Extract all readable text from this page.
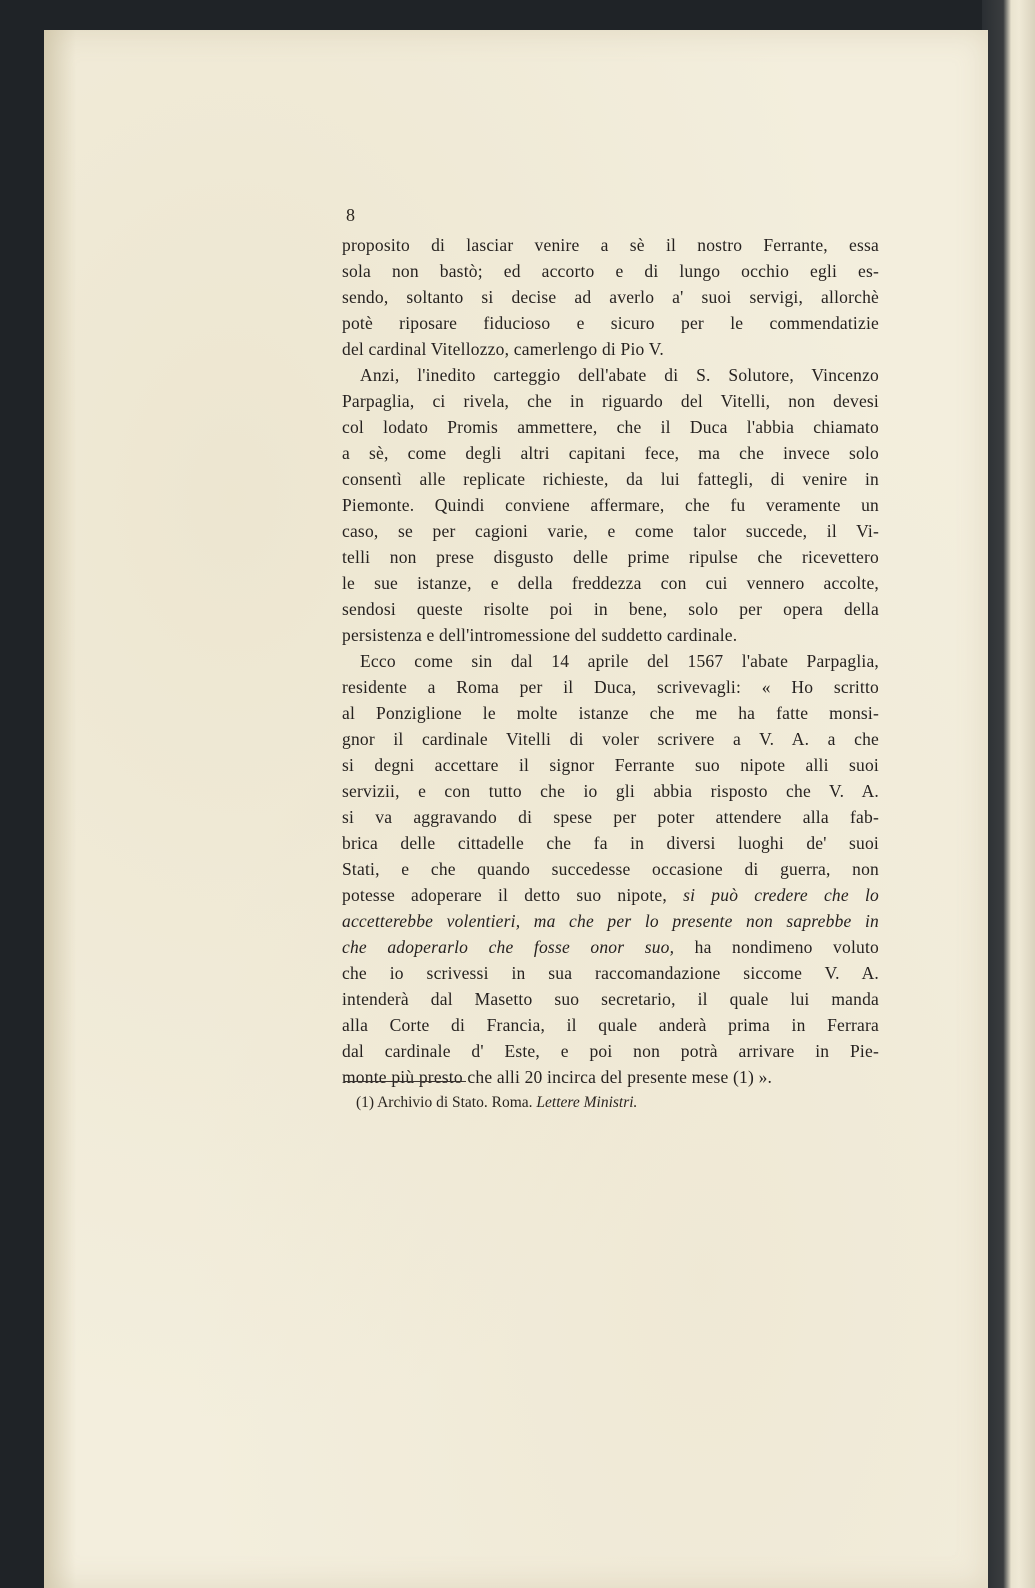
8

proposito di lasciar venire a sè il nostro Ferrante, essa
sola non bastò; ed accorto e di lungo occhio egli es-
sendo, soltanto si decise ad averlo a' suoi servigi, allorchè
potè riposare fiducioso e sicuro per le commendatizie
del cardinal Vitellozzo, camerlengo di Pio V.

Anzi, l'inedito carteggio dell'abate di S. Solutore, Vincenzo
Parpaglia, ci rivela, che in riguardo del Vitelli, non devesi
col lodato Promis ammettere, che il Duca l'abbia chiamato
a sè, come degli altri capitani fece, ma che invece solo
consentì alle replicate richieste, da lui fattegli, di venire in
Piemonte. Quindi conviene affermare, che fu veramente un
caso, se per cagioni varie, e come talor succede, il Vi-
telli non prese disgusto delle prime ripulse che ricevettero
le sue istanze, e della freddezza con cui vennero accolte,
sendosi queste risolte poi in bene, solo per opera della
persistenza e dell'intromessione del suddetto cardinale.

Ecco come sin dal 14 aprile del 1567 l'abate Parpaglia,
residente a Roma per il Duca, scrivevagli: « Ho scritto
al Ponziglione le molte istanze che me ha fatte monsi-
gnor il cardinale Vitelli di voler scrivere a V. A. a che
si degni accettare il signor Ferrante suo nipote alli suoi
servizii, e con tutto che io gli abbia risposto che V. A.
si va aggravando di spese per poter attendere alla fab-
brica delle cittadelle che fa in diversi luoghi de' suoi
Stati, e che quando succedesse occasione di guerra, non
potesse adoperare il detto suo nipote, si può credere che lo
accetterebbe volentieri, ma che per lo presente non saprebbe in
che adoperarlo che fosse onor suo, ha nondimeno voluto
che io scrivessi in sua raccomandazione siccome V. A.
intenderà dal Masetto suo secretario, il quale lui manda
alla Corte di Francia, il quale anderà prima in Ferrara
dal cardinale d' Este, e poi non potrà arrivare in Pie-
monte più presto che alli 20 incirca del presente mese (1) ».

(1) Archivio di Stato. Roma. Lettere Ministri.
